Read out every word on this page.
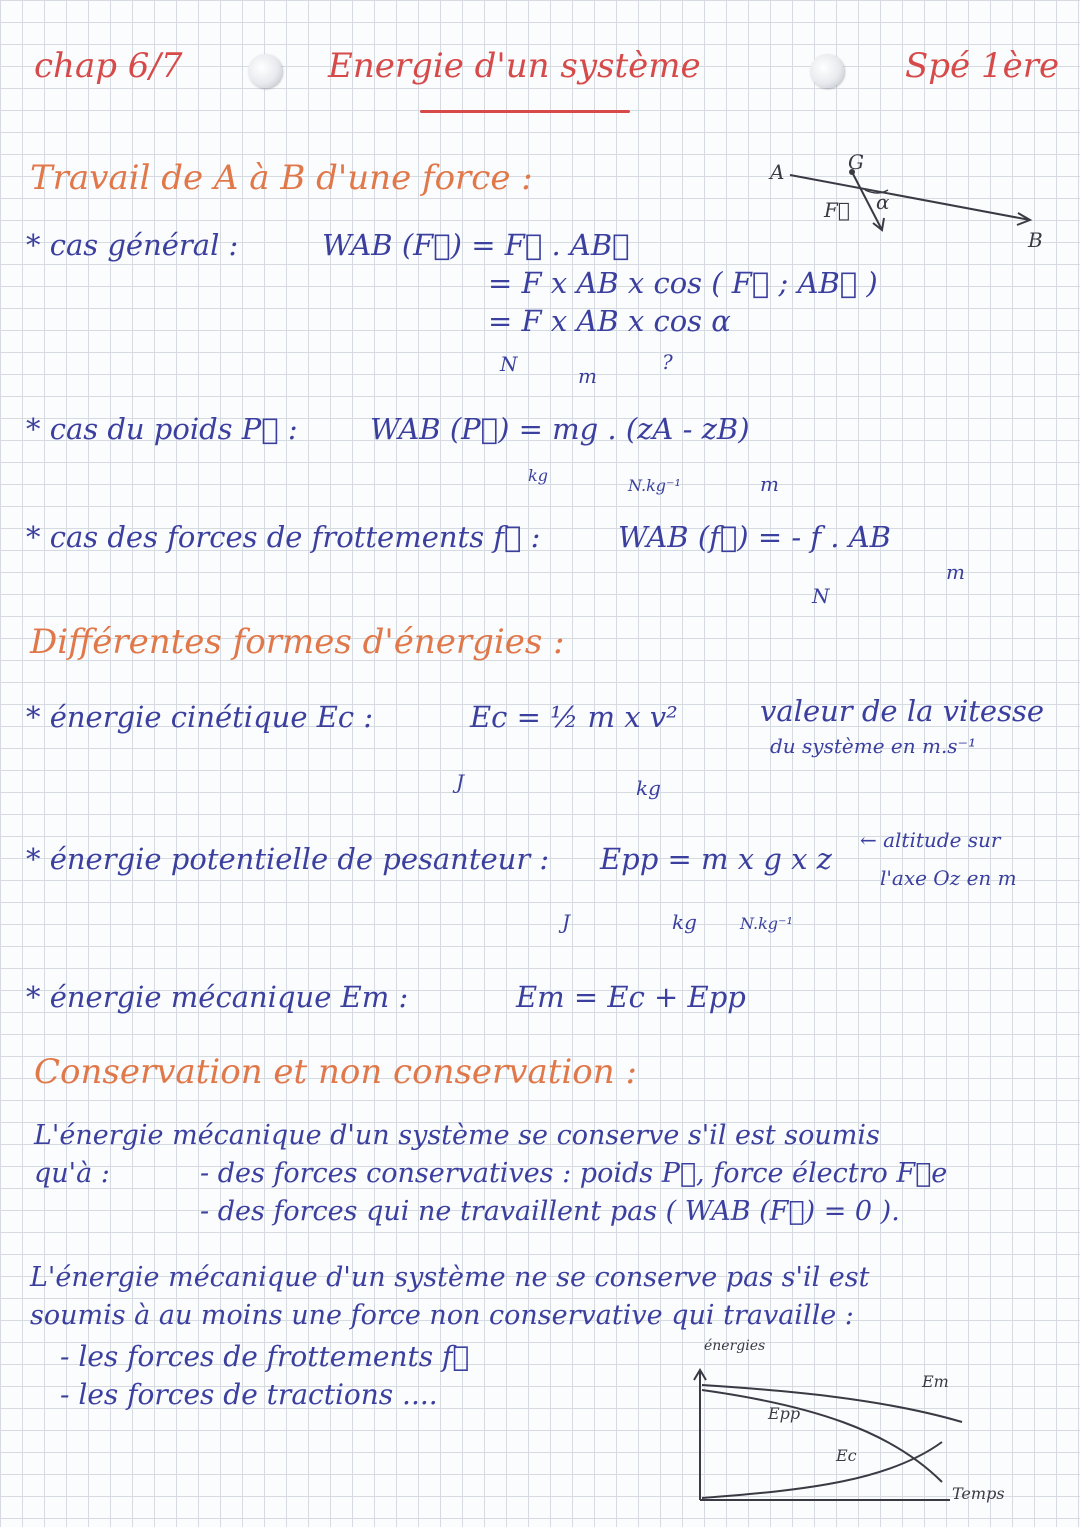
chap 6/7	Energie d'un système	Spé 1ère
Travail de A à B d'une force :	A	G
F⃗ α
B
* cas général :	WAB (F⃗) = F⃗ . AB⃗
= F x AB x cos ( F⃗ ; AB⃗ )
= F x AB x cos α
N	m
?
* cas du poids P⃗ : WAB (P⃗) = mg . (zA - zB)
kg
N.kg⁻¹	m
* cas des forces de frottements f⃗ :	WAB (f⃗) = - f . AB
N
m
Différentes formes d'énergies :
* énergie cinétique Ec :	Ec = ½ m x v²	valeur de la vitesse
du système en m.s⁻¹
J	kg
* énergie potentielle de pesanteur : Epp = m x g x z
← altitude sur
l'axe Oz en m
J	kg	N.kg⁻¹
* énergie mécanique Em :	Em = Ec + Epp
Conservation et non conservation :
L'énergie mécanique d'un système se conserve s'il est soumis
qu'à :	- des forces conservatives : poids P⃗, force électro F⃗e
- des forces qui ne travaillent pas ( WAB (F⃗) = 0 ).
L'énergie mécanique d'un système ne se conserve pas s'il est
soumis à au moins une force non conservative qui travaille :
- les forces de frottements f⃗
- les forces de tractions ....
énergies
Em
Epp
Ec
Temps
